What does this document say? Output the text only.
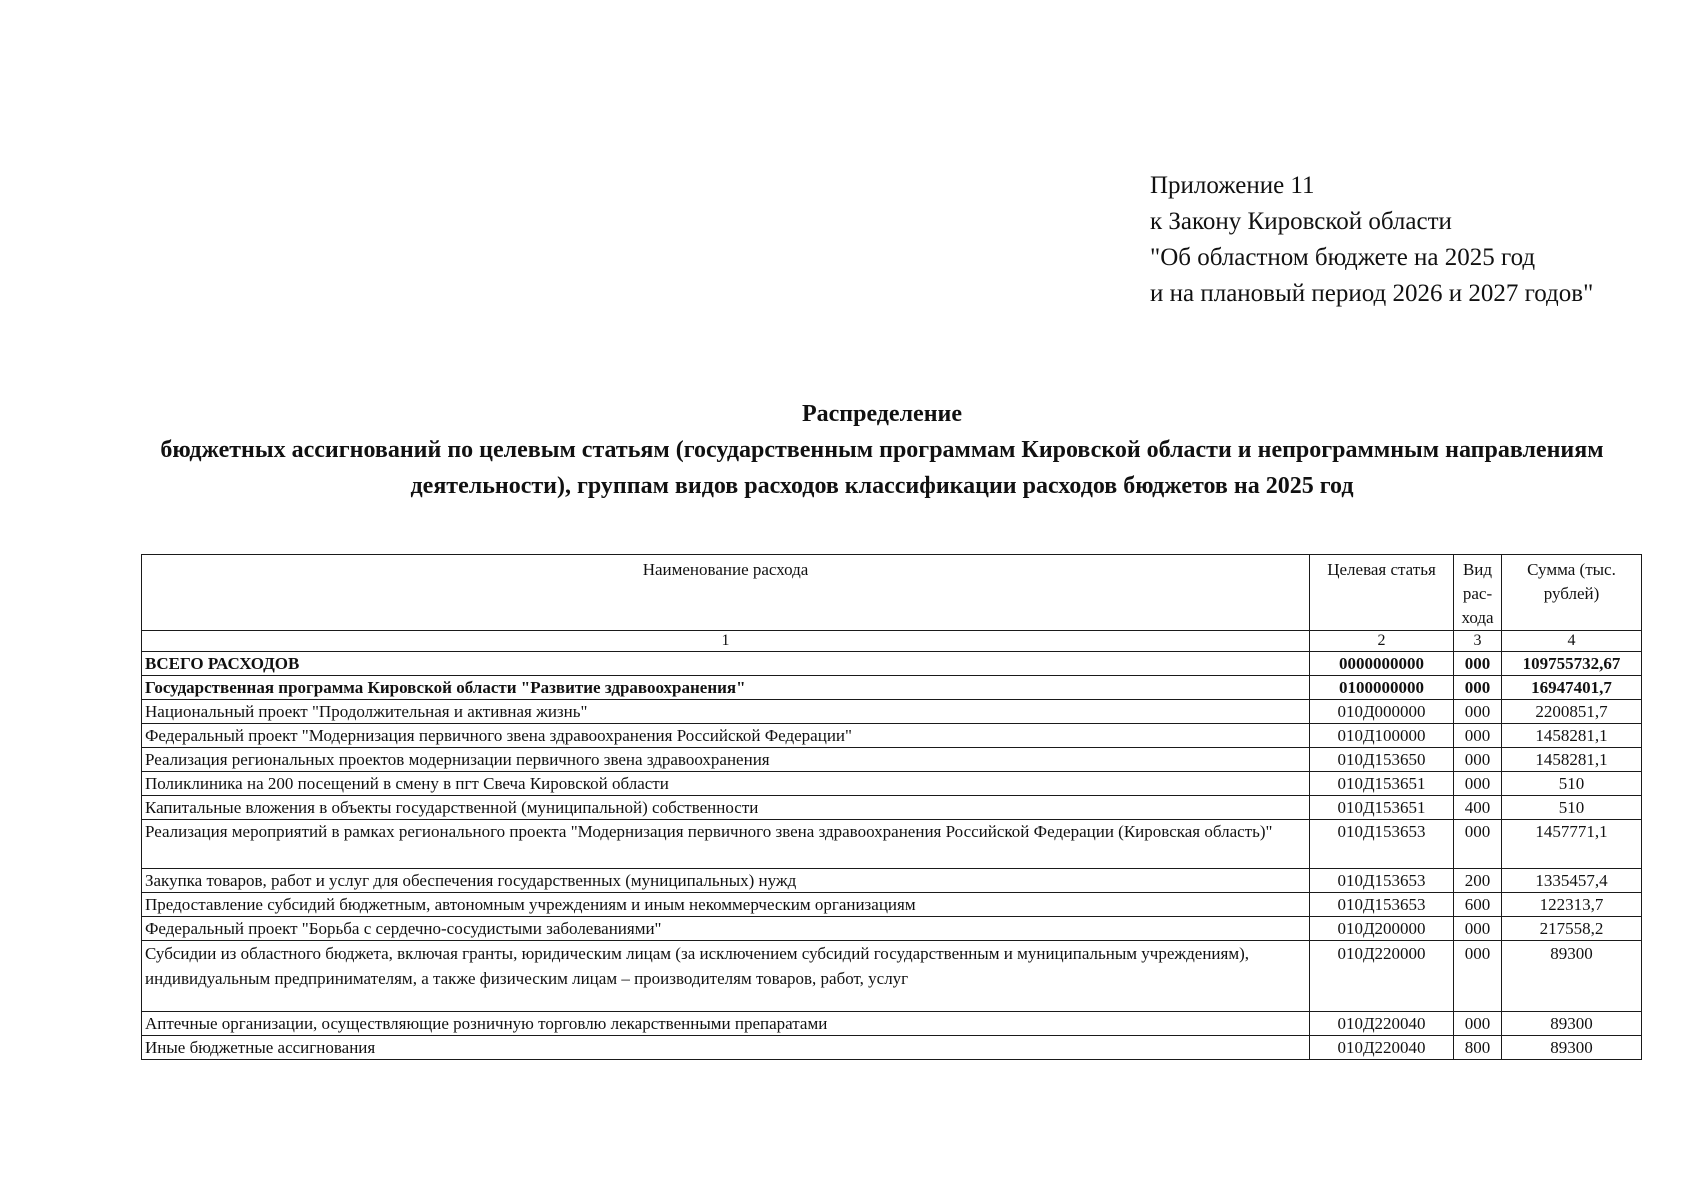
Приложение 11
к Закону Кировской области
"Об областном бюджете на 2025 год
и на плановый период 2026 и 2027 годов"
Распределение
бюджетных ассигнований по целевым статьям (государственным программам Кировской области и непрограммным направлениям деятельности), группам видов расходов классификации расходов бюджетов на 2025 год
Наименование расхода	Целевая статья	Вид рас-хода	Сумма (тыс. рублей)
1	2	3	4
ВСЕГО РАСХОДОВ	0000000000	000	109755732,67
Государственная программа Кировской области "Развитие здравоохранения"	0100000000	000	16947401,7
Национальный проект "Продолжительная и активная жизнь"	010Д000000	000	2200851,7
Федеральный проект "Модернизация первичного звена здравоохранения Российской Федерации"	010Д100000	000	1458281,1
Реализация региональных проектов модернизации первичного звена здравоохранения	010Д153650	000	1458281,1
Поликлиника на 200 посещений в смену в пгт Свеча Кировской области	010Д153651	000	510
Капитальные вложения в объекты государственной (муниципальной) собственности	010Д153651	400	510
Реализация мероприятий в рамках регионального проекта "Модернизация первичного звена здравоохранения Российской Федерации (Кировская область)"	010Д153653	000	1457771,1
Закупка товаров, работ и услуг для обеспечения государственных (муниципальных) нужд	010Д153653	200	1335457,4
Предоставление субсидий бюджетным, автономным учреждениям и иным некоммерческим организациям	010Д153653	600	122313,7
Федеральный проект "Борьба с сердечно-сосудистыми заболеваниями"	010Д200000	000	217558,2
Субсидии из областного бюджета, включая гранты, юридическим лицам (за исключением субсидий государственным и муниципальным учреждениям), индивидуальным предпринимателям, а также физическим лицам – производителям товаров, работ, услуг	010Д220000	000	89300
Аптечные организации, осуществляющие розничную торговлю лекарственными препаратами	010Д220040	000	89300
Иные бюджетные ассигнования	010Д220040	800	89300
